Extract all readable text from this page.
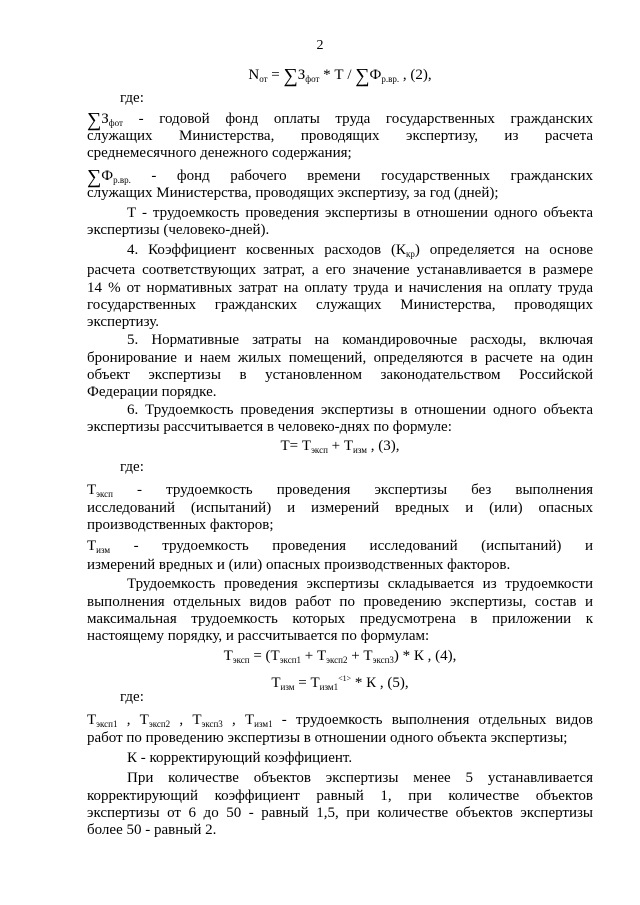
2

$N_{от} = \sum З_{фот} * Т / \sum Ф_{р.вр.}$ , (2),

где:

$\sum З_{фот}$ - годовой фонд оплаты труда государственных гражданских

служащих Министерства, проводящих экспертизу, из расчета

среднемесячного денежного содержания;

$\sum Ф_{р.вр.}$ - фонд рабочего времени государственных гражданских

служащих Министерства, проводящих экспертизу, за год (дней);

Т - трудоемкость проведения экспертизы в отношении одного объекта

экспертизы (человеко-дней).

4. Коэффициент косвенных расходов $(К_{кр})$ определяется на основе

расчета соответствующих затрат, а его значение устанавливается в размере

14 % от нормативных затрат на оплату труда и начисления на оплату труда

государственных гражданских служащих Министерства, проводящих

экспертизу.

5. Нормативные затраты на командировочные расходы, включая

бронирование и наем жилых помещений, определяются в расчете на один

объект экспертизы в установленном законодательством Российской

Федерации порядке.

6. Трудоемкость проведения экспертизы в отношении одного объекта

экспертизы рассчитывается в человеко-днях по формуле:

$Т= Т_{эксп} + Т_{изм}$ , (3),

где:

$Т_{эксп}$ - трудоемкость проведения экспертизы без выполнения

исследований (испытаний) и измерений вредных и (или) опасных

производственных факторов;

$Т_{изм}$ - трудоемкость проведения исследований (испытаний) и

измерений вредных и (или) опасных производственных факторов.

Трудоемкость проведения экспертизы складывается из трудоемкости

выполнения отдельных видов работ по проведению экспертизы, состав и

максимальная трудоемкость которых предусмотрена в приложении к

настоящему порядку, и рассчитывается по формулам:

$Т_{эксп} = (Т_{эксп1} + Т_{эксп2} + Т_{эксп3}) * К$ , (4),

$Т_{изм} = Т_{изм1}^{<1>} * К$ , (5),

где:

$Т_{эксп1}$ , $Т_{эксп2}$ , $Т_{эксп3}$ , $Т_{изм1}$ - трудоемкость выполнения отдельных видов

работ по проведению экспертизы в отношении одного объекта экспертизы;

К - корректирующий коэффициент.

При количестве объектов экспертизы менее 5 устанавливается

корректирующий коэффициент равный 1, при количестве объектов

экспертизы от 6 до 50 - равный 1,5, при количестве объектов экспертизы

более 50 - равный 2.
